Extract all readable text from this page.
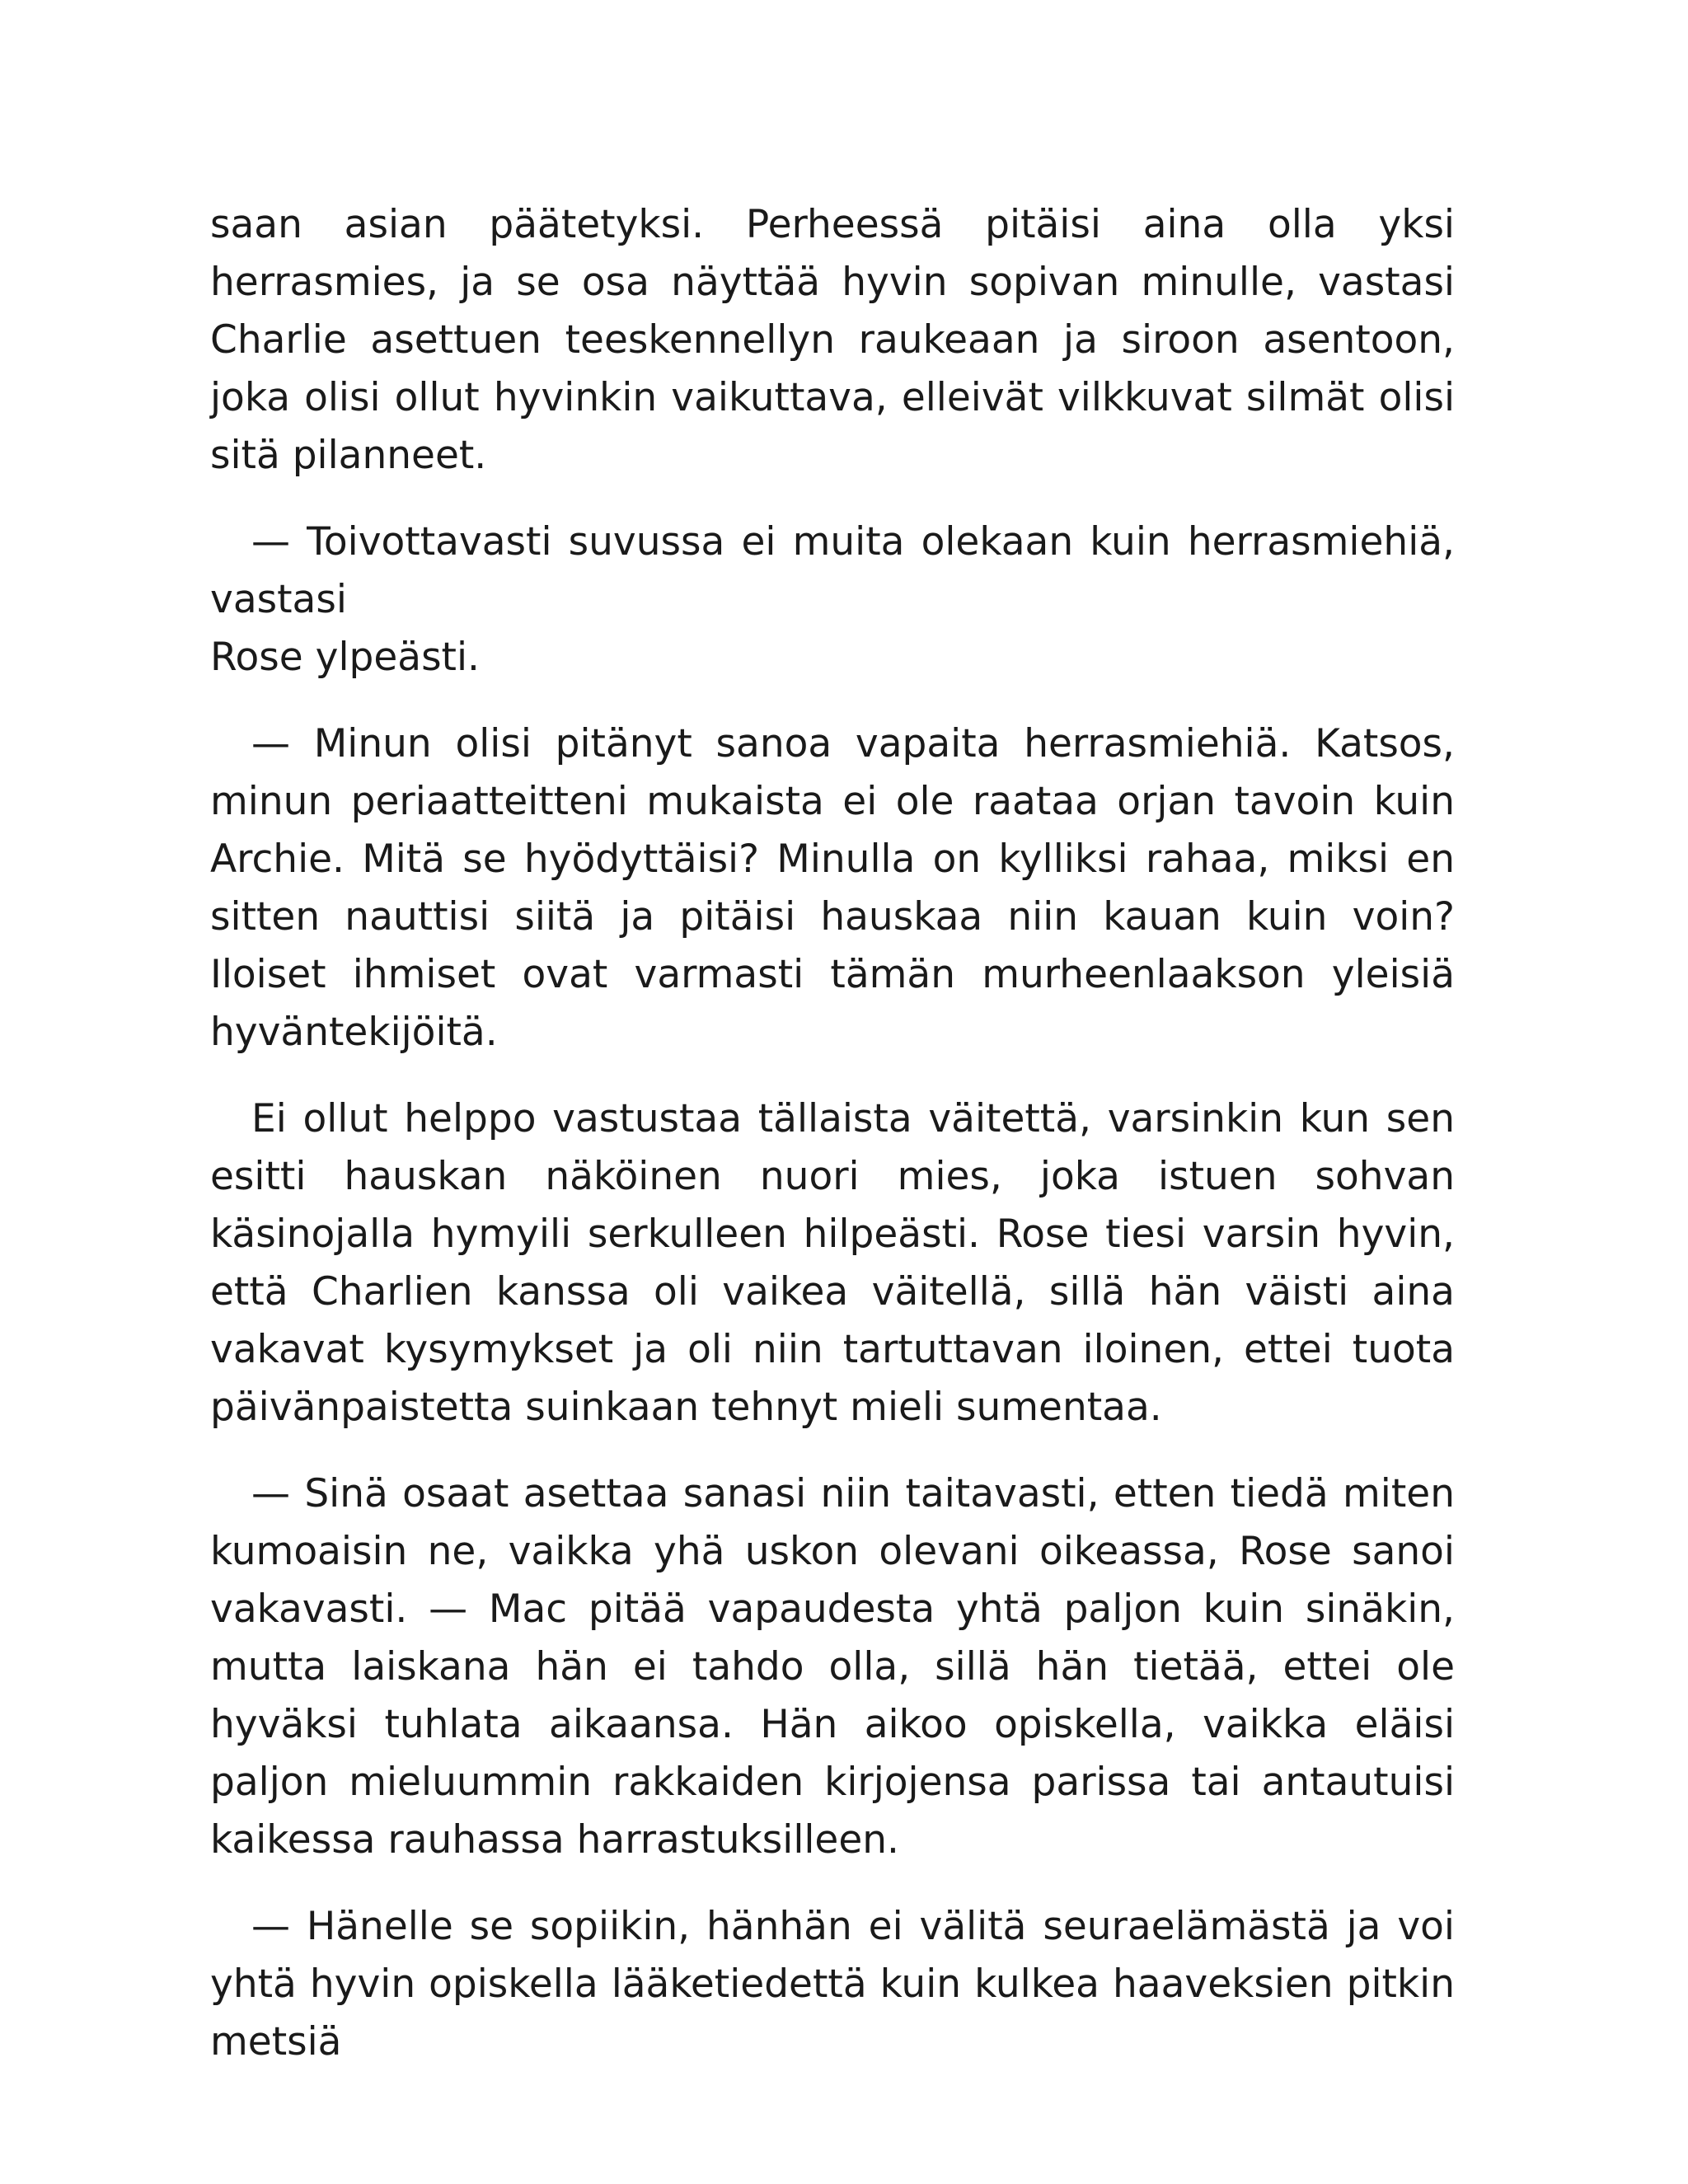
saan asian päätetyksi. Perheessä pitäisi aina olla yksi herrasmies, ja se osa näyttää hyvin sopivan minulle, vastasi Charlie asettuen teeskennellyn raukeaan ja siroon asentoon, joka olisi ollut hyvinkin vaikuttava, elleivät vilkkuvat silmät olisi sitä pilanneet.

— Toivottavasti suvussa ei muita olekaan kuin herrasmiehiä, vastasi
Rose ylpeästi.

— Minun olisi pitänyt sanoa vapaita herrasmiehiä. Katsos, minun periaatteitteni mukaista ei ole raataa orjan tavoin kuin Archie. Mitä se hyödyttäisi? Minulla on kylliksi rahaa, miksi en sitten nauttisi siitä ja pitäisi hauskaa niin kauan kuin voin? Iloiset ihmiset ovat varmasti tämän murheenlaakson yleisiä hyväntekijöitä.

Ei ollut helppo vastustaa tällaista väitettä, varsinkin kun sen esitti hauskan näköinen nuori mies, joka istuen sohvan käsinojalla hymyili serkulleen hilpeästi. Rose tiesi varsin hyvin, että Charlien kanssa oli vaikea väitellä, sillä hän väisti aina vakavat kysymykset ja oli niin tartuttavan iloinen, ettei tuota päivänpaistetta suinkaan tehnyt mieli sumentaa.

— Sinä osaat asettaa sanasi niin taitavasti, etten tiedä miten kumoaisin ne, vaikka yhä uskon olevani oikeassa, Rose sanoi vakavasti. — Mac pitää vapaudesta yhtä paljon kuin sinäkin, mutta laiskana hän ei tahdo olla, sillä hän tietää, ettei ole hyväksi tuhlata aikaansa. Hän aikoo opiskella, vaikka eläisi paljon mieluummin rakkaiden kirjojensa parissa tai antautuisi kaikessa rauhassa harrastuksilleen.

— Hänelle se sopiikin, hänhän ei välitä seuraelämästä ja voi yhtä hyvin opiskella lääketiedettä kuin kulkea haaveksien pitkin metsiä
